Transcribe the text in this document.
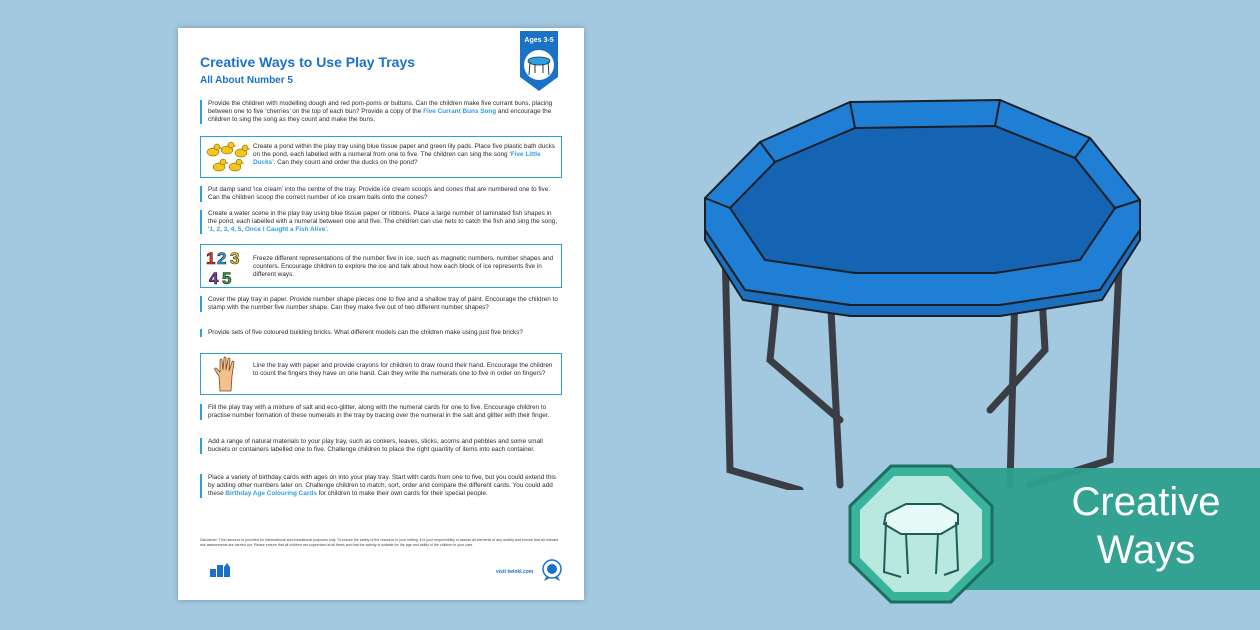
Creative Ways to Use Play Trays
All About Number 5
Ages 3-5

Provide the children with modelling dough and red pom-poms or buttons. Can the children make five currant buns, placing between one to five ‘cherries’ on the top of each bun? Provide a copy of the Five Currant Buns Song and encourage the children to sing the song as they count and make the buns.

Create a pond within the play tray using blue tissue paper and green lily pads. Place five plastic bath ducks on the pond, each labelled with a numeral from one to five. The children can sing the song ‘Five Little Ducks’. Can they count and order the ducks on the pond?

Put damp sand ‘ice cream’ into the centre of the tray. Provide ice cream scoops and cones that are numbered one to five. Can the children scoop the correct number of ice cream balls onto the cones?

Create a water scene in the play tray using blue tissue paper or ribbons. Place a large number of laminated fish shapes in the pond, each labelled with a numeral between one and five. The children can use nets to catch the fish and sing the song, ‘1, 2, 3, 4, 5, Once I Caught a Fish Alive’.

1 2 3
4 5
Freeze different representations of the number five in ice, such as magnetic numbers, number shapes and counters. Encourage children to explore the ice and talk about how each block of ice represents five in different ways.

Cover the play tray in paper. Provide number shape pieces one to five and a shallow tray of paint. Encourage the children to stamp with the number five number shape. Can they make five out of two different number shapes?

Provide sets of five coloured building bricks. What different models can the children make using just five bricks?

Line the tray with paper and provide crayons for children to draw round their hand. Encourage the children to count the fingers they have on one hand. Can they write the numerals one to five in order on fingers?

Fill the play tray with a mixture of salt and eco-glitter, along with the numeral cards for one to five. Encourage children to practise number formation of these numerals in the tray by tracing over the numeral in the salt and glitter with their finger.

Add a range of natural materials to your play tray, such as conkers, leaves, sticks, acorns and pebbles and some small buckets or containers labelled one to five. Challenge children to place the right quantity of items into each container.

Place a variety of birthday cards with ages on into your play tray. Start with cards from one to five, but you could extend this by adding other numbers later on. Challenge children to match, sort, order and compare the different cards. You could add these Birthday Age Colouring Cards for children to make their own cards for their special people.

Disclaimer: This resource is provided for informational and educational purposes only. To ensure the safety of the resource in your setting, it is your responsibility to assess all elements of any activity and ensure that all relevant risk assessments are carried out. Please ensure that all children are supervised at all times and that the activity is suitable for the age and ability of the children in your care.

visit twinkl.com
Creative
Ways
